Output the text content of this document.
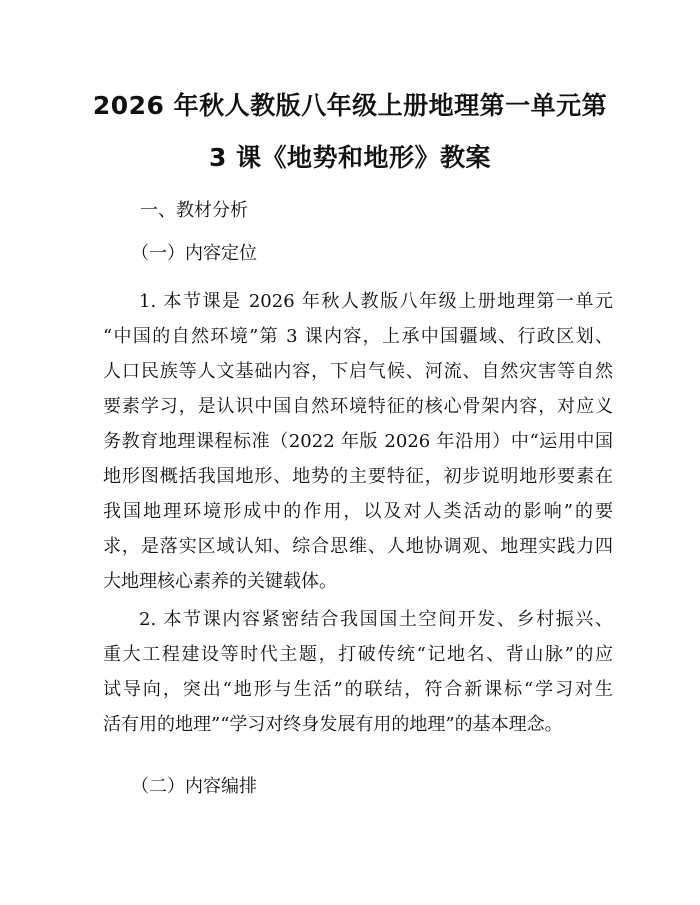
2026 年秋人教版八年级上册地理第一单元第
3 课《地势和地形》教案

一、教材分析

（一）内容定位

1. 本节课是 2026 年秋人教版八年级上册地理第一单元
“中国的自然环境”第 3 课内容，上承中国疆域、行政区划、
人口民族等人文基础内容，下启气候、河流、自然灾害等自然
要素学习，是认识中国自然环境特征的核心骨架内容，对应义
务教育地理课程标准（2022 年版 2026 年沿用）中“运用中国
地形图概括我国地形、地势的主要特征，初步说明地形要素在
我国地理环境形成中的作用，以及对人类活动的影响”的要
求，是落实区域认知、综合思维、人地协调观、地理实践力四
大地理核心素养的关键载体。
2. 本节课内容紧密结合我国国土空间开发、乡村振兴、
重大工程建设等时代主题，打破传统“记地名、背山脉”的应
试导向，突出“地形与生活”的联结，符合新课标“学习对生
活有用的地理”“学习对终身发展有用的地理”的基本理念。

（二）内容编排
